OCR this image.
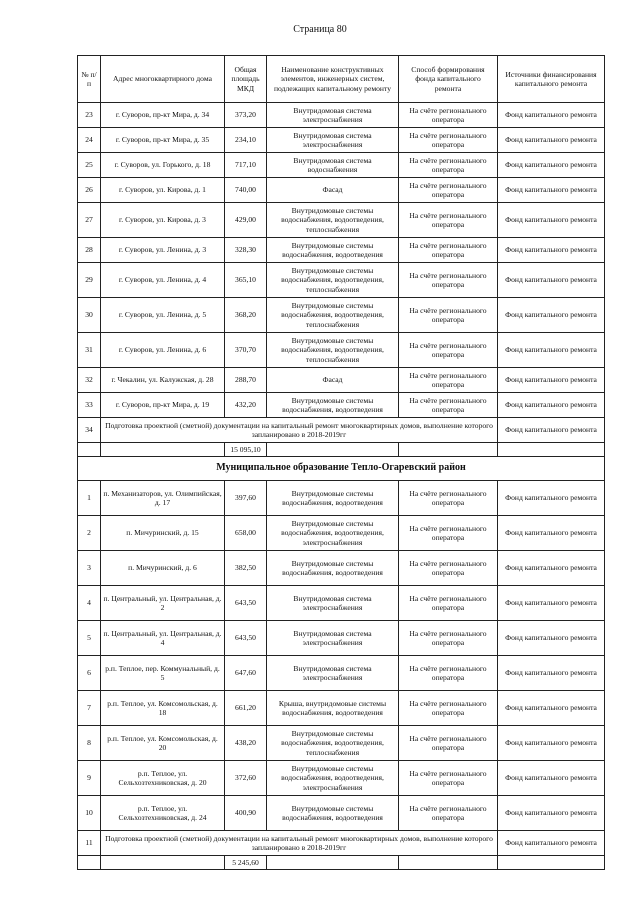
Страница 80
№ п/п	Адрес многоквартирного дома	Общая площадь МКД	Наименование конструктивных элементов, инженерных систем, подлежащих капитальному ремонту	Способ формирования фонда капитального ремонта	Источники финансирования капитального ремонта
23	г. Суворов, пр-кт Мира, д. 34	373,20	Внутридомовая система электроснабжения	На счёте регионального оператора	Фонд капитального ремонта
24	г. Суворов, пр-кт Мира, д. 35	234,10	Внутридомовая система электроснабжения	На счёте регионального оператора	Фонд капитального ремонта
25	г. Суворов, ул. Горького, д. 18	717,10	Внутридомовая система водоснабжения	На счёте регионального оператора	Фонд капитального ремонта
26	г. Суворов, ул. Кирова, д. 1	740,00	Фасад	На счёте регионального оператора	Фонд капитального ремонта
27	г. Суворов, ул. Кирова, д. 3	429,00	Внутридомовые системы водоснабжения, водоотведения, теплоснабжения	На счёте регионального оператора	Фонд капитального ремонта
28	г. Суворов, ул. Ленина, д. 3	328,30	Внутридомовые системы водоснабжения, водоотведения	На счёте регионального оператора	Фонд капитального ремонта
29	г. Суворов, ул. Ленина, д. 4	365,10	Внутридомовые системы водоснабжения, водоотведения, теплоснабжения	На счёте регионального оператора	Фонд капитального ремонта
30	г. Суворов, ул. Ленина, д. 5	368,20	Внутридомовые системы водоснабжения, водоотведения, теплоснабжения	На счёте регионального оператора	Фонд капитального ремонта
31	г. Суворов, ул. Ленина, д. 6	370,70	Внутридомовые системы водоснабжения, водоотведения, теплоснабжения	На счёте регионального оператора	Фонд капитального ремонта
32	г. Чекалин, ул. Калужская, д. 28	288,70	Фасад	На счёте регионального оператора	Фонд капитального ремонта
33	г. Суворов, пр-кт Мира, д. 19	432,20	Внутридомовые системы водоснабжения, водоотведения	На счёте регионального оператора	Фонд капитального ремонта
34	Подготовка проектной (сметной) документации на капитальный ремонт многоквартирных домов, выполнение которого запланировано в 2018-2019гг				Фонд капитального ремонта
		15 095,10			
Муниципальное образование Тепло-Огаревский район					
1	п. Механизаторов, ул. Олимпийская, д. 17	397,60	Внутридомовые системы водоснабжения, водоотведения	На счёте регионального оператора	Фонд капитального ремонта
2	п. Мичуринский, д. 15	658,00	Внутридомовые системы водоснабжения, водоотведения, электроснабжения	На счёте регионального оператора	Фонд капитального ремонта
3	п. Мичуринский, д. 6	382,50	Внутридомовые системы водоснабжения, водоотведения	На счёте регионального оператора	Фонд капитального ремонта
4	п. Центральный, ул. Центральная, д. 2	643,50	Внутридомовая система электроснабжения	На счёте регионального оператора	Фонд капитального ремонта
5	п. Центральный, ул. Центральная, д. 4	643,50	Внутридомовая система электроснабжения	На счёте регионального оператора	Фонд капитального ремонта
6	р.п. Теплое, пер. Коммунальный, д. 5	647,60	Внутридомовая система электроснабжения	На счёте регионального оператора	Фонд капитального ремонта
7	р.п. Теплое, ул. Комсомольская, д. 18	661,20	Крыша, внутридомовые системы водоснабжения, водоотведения	На счёте регионального оператора	Фонд капитального ремонта
8	р.п. Теплое, ул. Комсомольская, д. 20	438,20	Внутридомовые системы водоснабжения, водоотведения, теплоснабжения	На счёте регионального оператора	Фонд капитального ремонта
9	р.п. Теплое, ул. Сельхозтехниковская, д. 20	372,60	Внутридомовые системы водоснабжения, водоотведения, электроснабжения	На счёте регионального оператора	Фонд капитального ремонта
10	р.п. Теплое, ул. Сельхозтехниковская, д. 24	400,90	Внутридомовые системы водоснабжения, водоотведения	На счёте регионального оператора	Фонд капитального ремонта
11	Подготовка проектной (сметной) документации на капитальный ремонт многоквартирных домов, выполнение которого запланировано в 2018-2019гг				Фонд капитального ремонта
		5 245,60			
